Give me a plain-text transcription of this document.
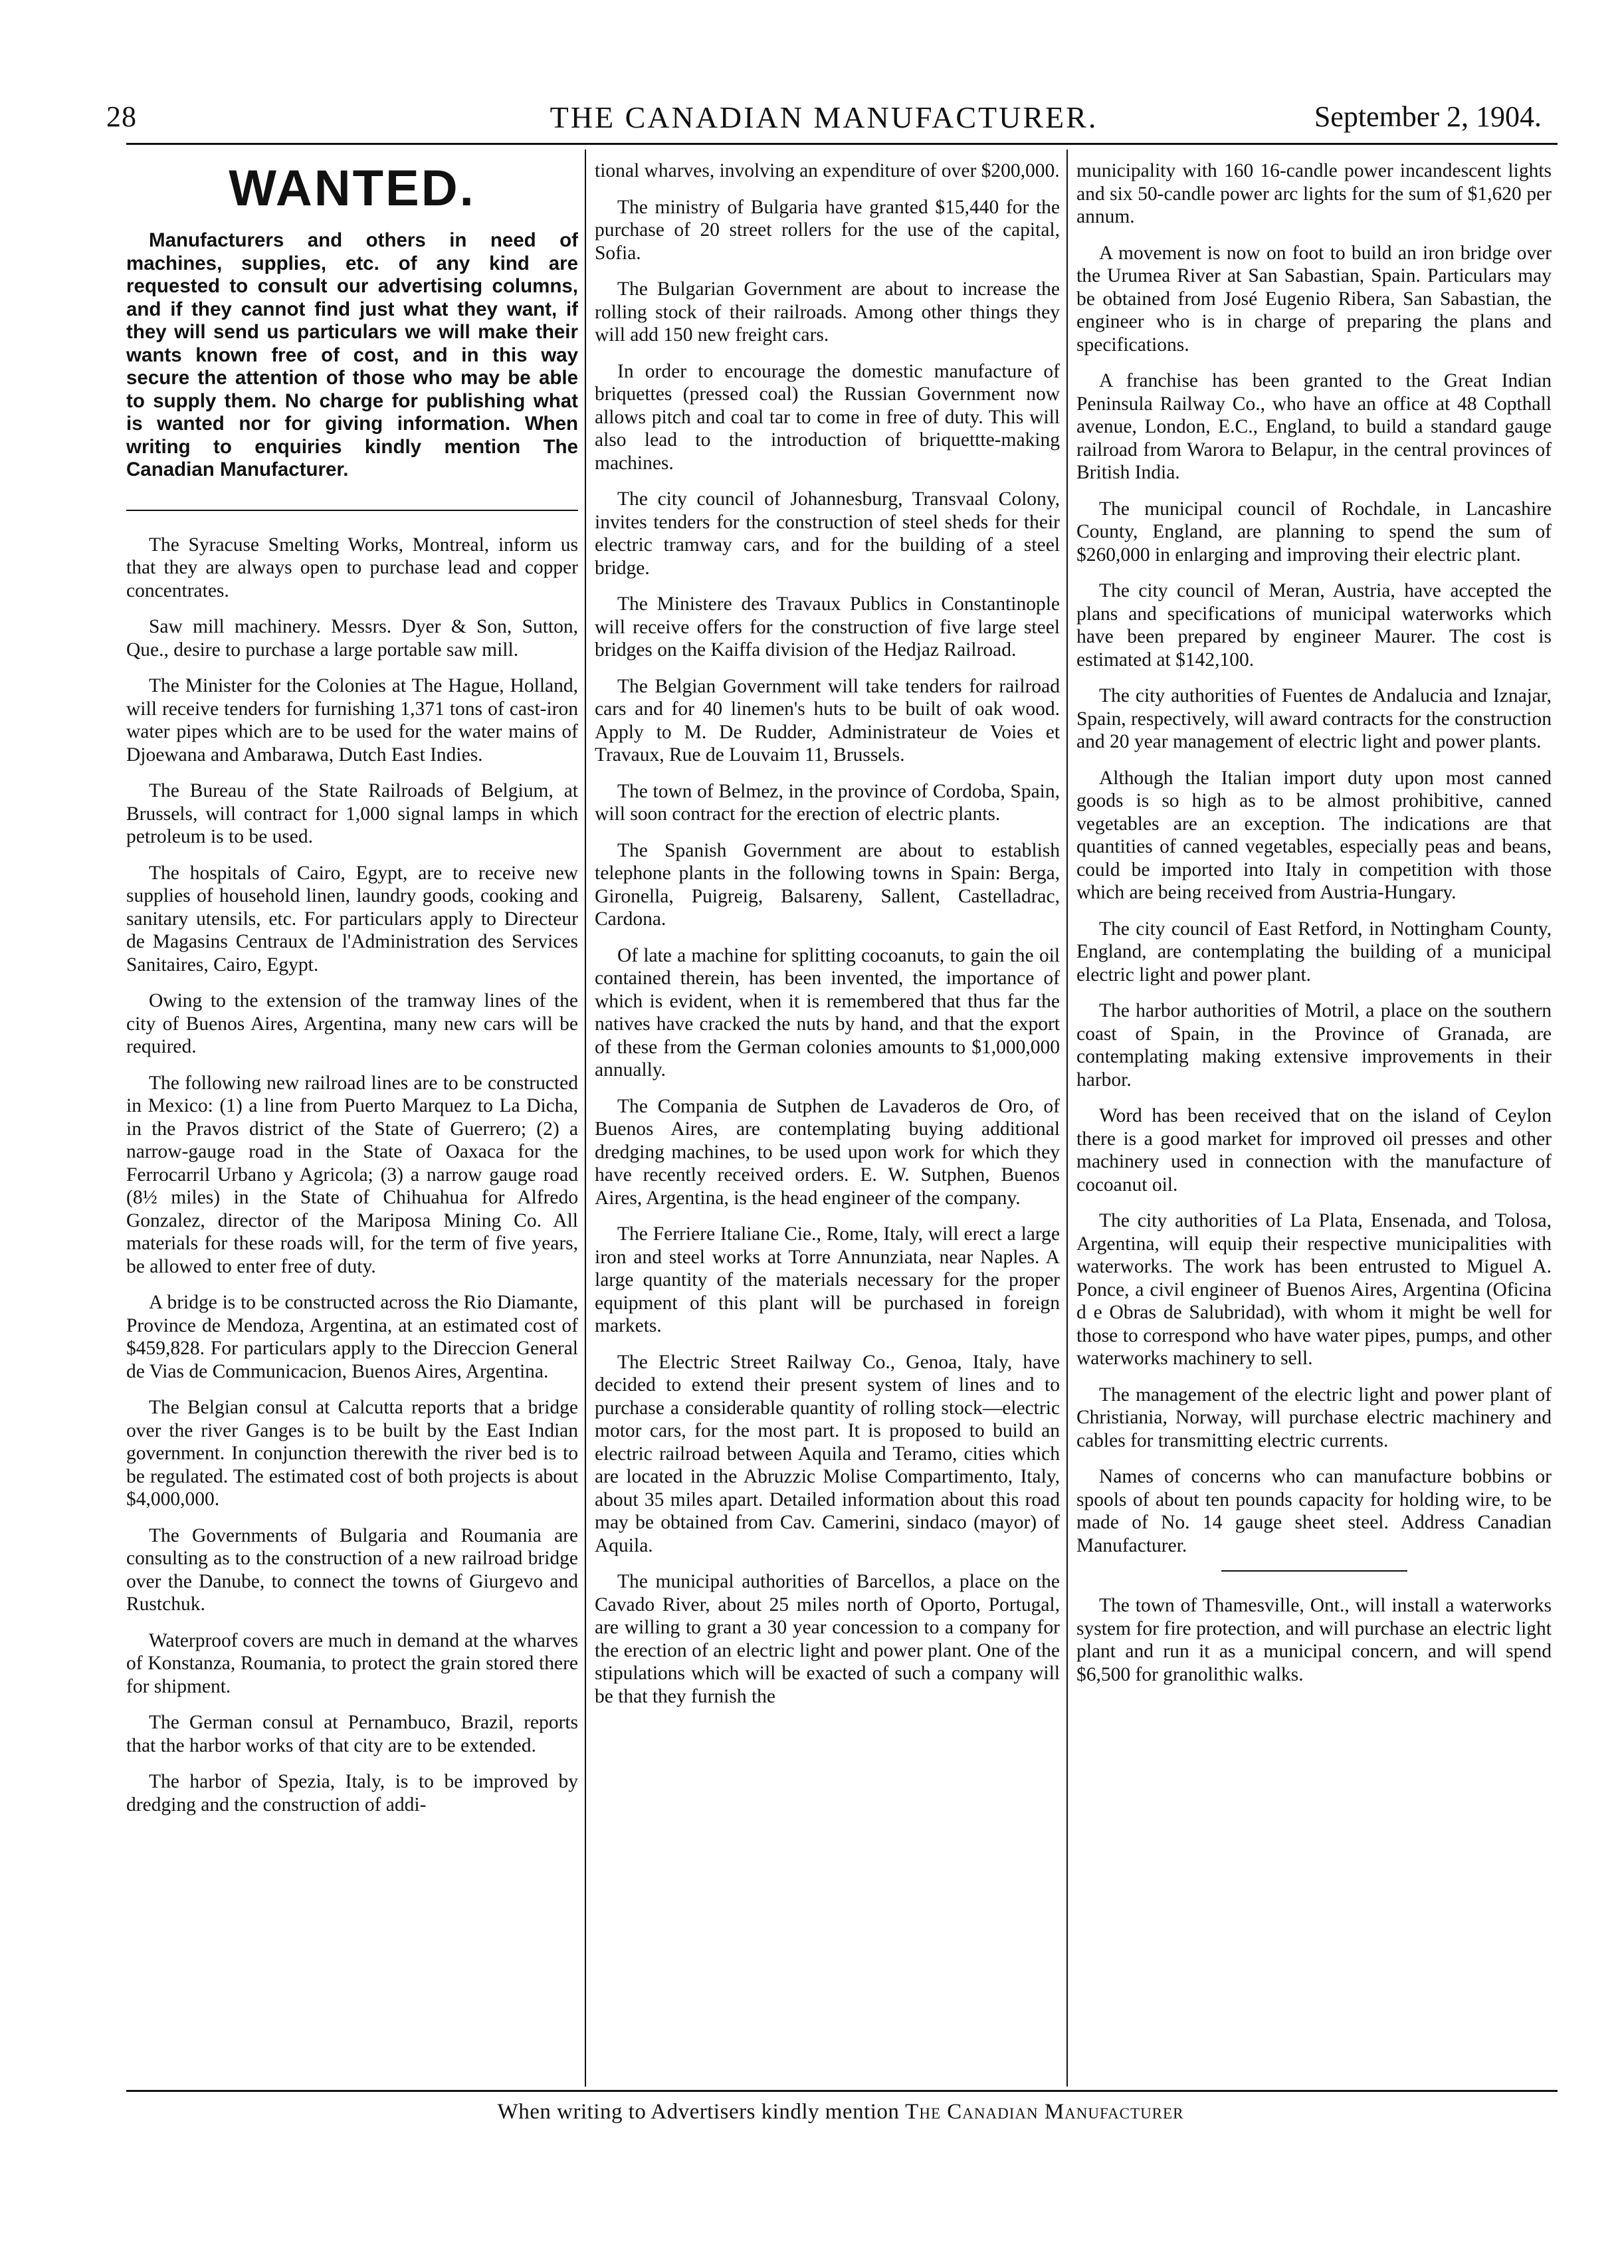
28	THE CANADIAN MANUFACTURER.	September 2, 1904.
WANTED.

Manufacturers and others in need of machines, supplies, etc. of any kind are requested to consult our advertising columns, and if they cannot find just what they want, if they will send us particulars we will make their wants known free of cost, and in this way secure the attention of those who may be able to supply them. No charge for publishing what is wanted nor for giving information. When writing to enquiries kindly mention The Canadian Manufacturer.

The Syracuse Smelting Works, Montreal, inform us that they are always open to purchase lead and copper concentrates.

Saw mill machinery. Messrs. Dyer & Son, Sutton, Que., desire to purchase a large portable saw mill.

The Minister for the Colonies at The Hague, Holland, will receive tenders for furnishing 1,371 tons of cast-iron water pipes which are to be used for the water mains of Djoewana and Ambarawa, Dutch East Indies.

The Bureau of the State Railroads of Belgium, at Brussels, will contract for 1,000 signal lamps in which petroleum is to be used.

The hospitals of Cairo, Egypt, are to receive new supplies of household linen, laundry goods, cooking and sanitary utensils, etc. For particulars apply to Directeur de Magasins Centraux de l'Administration des Services Sanitaires, Cairo, Egypt.

Owing to the extension of the tramway lines of the city of Buenos Aires, Argentina, many new cars will be required.

The following new railroad lines are to be constructed in Mexico: (1) a line from Puerto Marquez to La Dicha, in the Pravos district of the State of Guerrero; (2) a narrow-gauge road in the State of Oaxaca for the Ferrocarril Urbano y Agricola; (3) a narrow gauge road (8½ miles) in the State of Chihuahua for Alfredo Gonzalez, director of the Mariposa Mining Co. All materials for these roads will, for the term of five years, be allowed to enter free of duty.

A bridge is to be constructed across the Rio Diamante, Province de Mendoza, Argentina, at an estimated cost of $459,828. For particulars apply to the Direccion General de Vias de Communicacion, Buenos Aires, Argentina.

The Belgian consul at Calcutta reports that a bridge over the river Ganges is to be built by the East Indian government. In conjunction therewith the river bed is to be regulated. The estimated cost of both projects is about $4,000,000.

The Governments of Bulgaria and Roumania are consulting as to the construction of a new railroad bridge over the Danube, to connect the towns of Giurgevo and Rustchuk.

Waterproof covers are much in demand at the wharves of Konstanza, Roumania, to protect the grain stored there for shipment.

The German consul at Pernambuco, Brazil, reports that the harbor works of that city are to be extended.

The harbor of Spezia, Italy, is to be improved by dredging and the construction of addi-

tional wharves, involving an expenditure of over $200,000.

The ministry of Bulgaria have granted $15,440 for the purchase of 20 street rollers for the use of the capital, Sofia.

The Bulgarian Government are about to increase the rolling stock of their railroads. Among other things they will add 150 new freight cars.

In order to encourage the domestic manufacture of briquettes (pressed coal) the Russian Government now allows pitch and coal tar to come in free of duty. This will also lead to the introduction of briquettte-making machines.

The city council of Johannesburg, Transvaal Colony, invites tenders for the construction of steel sheds for their electric tramway cars, and for the building of a steel bridge.

The Ministere des Travaux Publics in Constantinople will receive offers for the construction of five large steel bridges on the Kaiffa division of the Hedjaz Railroad.

The Belgian Government will take tenders for railroad cars and for 40 linemen's huts to be built of oak wood. Apply to M. De Rudder, Administrateur de Voies et Travaux, Rue de Louvaim 11, Brussels.

The town of Belmez, in the province of Cordoba, Spain, will soon contract for the erection of electric plants.

The Spanish Government are about to establish telephone plants in the following towns in Spain: Berga, Gironella, Puigreig, Balsareny, Sallent, Castelladrac, Cardona.

Of late a machine for splitting cocoanuts, to gain the oil contained therein, has been invented, the importance of which is evident, when it is remembered that thus far the natives have cracked the nuts by hand, and that the export of these from the German colonies amounts to $1,000,000 annually.

The Compania de Sutphen de Lavaderos de Oro, of Buenos Aires, are contemplating buying additional dredging machines, to be used upon work for which they have recently received orders. E. W. Sutphen, Buenos Aires, Argentina, is the head engineer of the company.

The Ferriere Italiane Cie., Rome, Italy, will erect a large iron and steel works at Torre Annunziata, near Naples. A large quantity of the materials necessary for the proper equipment of this plant will be purchased in foreign markets.

The Electric Street Railway Co., Genoa, Italy, have decided to extend their present system of lines and to purchase a considerable quantity of rolling stock—electric motor cars, for the most part. It is proposed to build an electric railroad between Aquila and Teramo, cities which are located in the Abruzzic Molise Compartimento, Italy, about 35 miles apart. Detailed information about this road may be obtained from Cav. Camerini, sindaco (mayor) of Aquila.

The municipal authorities of Barcellos, a place on the Cavado River, about 25 miles north of Oporto, Portugal, are willing to grant a 30 year concession to a company for the erection of an electric light and power plant. One of the stipulations which will be exacted of such a company will be that they furnish the

municipality with 160 16-candle power incandescent lights and six 50-candle power arc lights for the sum of $1,620 per annum.

A movement is now on foot to build an iron bridge over the Urumea River at San Sabastian, Spain. Particulars may be obtained from José Eugenio Ribera, San Sabastian, the engineer who is in charge of preparing the plans and specifications.

A franchise has been granted to the Great Indian Peninsula Railway Co., who have an office at 48 Copthall avenue, London, E.C., England, to build a standard gauge railroad from Warora to Belapur, in the central provinces of British India.

The municipal council of Rochdale, in Lancashire County, England, are planning to spend the sum of $260,000 in enlarging and improving their electric plant.

The city council of Meran, Austria, have accepted the plans and specifications of municipal waterworks which have been prepared by engineer Maurer. The cost is estimated at $142,100.

The city authorities of Fuentes de Andalucia and Iznajar, Spain, respectively, will award contracts for the construction and 20 year management of electric light and power plants.

Although the Italian import duty upon most canned goods is so high as to be almost prohibitive, canned vegetables are an exception. The indications are that quantities of canned vegetables, especially peas and beans, could be imported into Italy in competition with those which are being received from Austria-Hungary.

The city council of East Retford, in Nottingham County, England, are contemplating the building of a municipal electric light and power plant.

The harbor authorities of Motril, a place on the southern coast of Spain, in the Province of Granada, are contemplating making extensive improvements in their harbor.

Word has been received that on the island of Ceylon there is a good market for improved oil presses and other machinery used in connection with the manufacture of cocoanut oil.

The city authorities of La Plata, Ensenada, and Tolosa, Argentina, will equip their respective municipalities with waterworks. The work has been entrusted to Miguel A. Ponce, a civil engineer of Buenos Aires, Argentina (Oficina d e Obras de Salubridad), with whom it might be well for those to correspond who have water pipes, pumps, and other waterworks machinery to sell.

The management of the electric light and power plant of Christiania, Norway, will purchase electric machinery and cables for transmitting electric currents.

Names of concerns who can manufacture bobbins or spools of about ten pounds capacity for holding wire, to be made of No. 14 gauge sheet steel. Address Canadian Manufacturer.

The town of Thamesville, Ont., will install a waterworks system for fire protection, and will purchase an electric light plant and run it as a municipal concern, and will spend $6,500 for granolithic walks.

When writing to Advertisers kindly mention The Canadian Manufacturer
